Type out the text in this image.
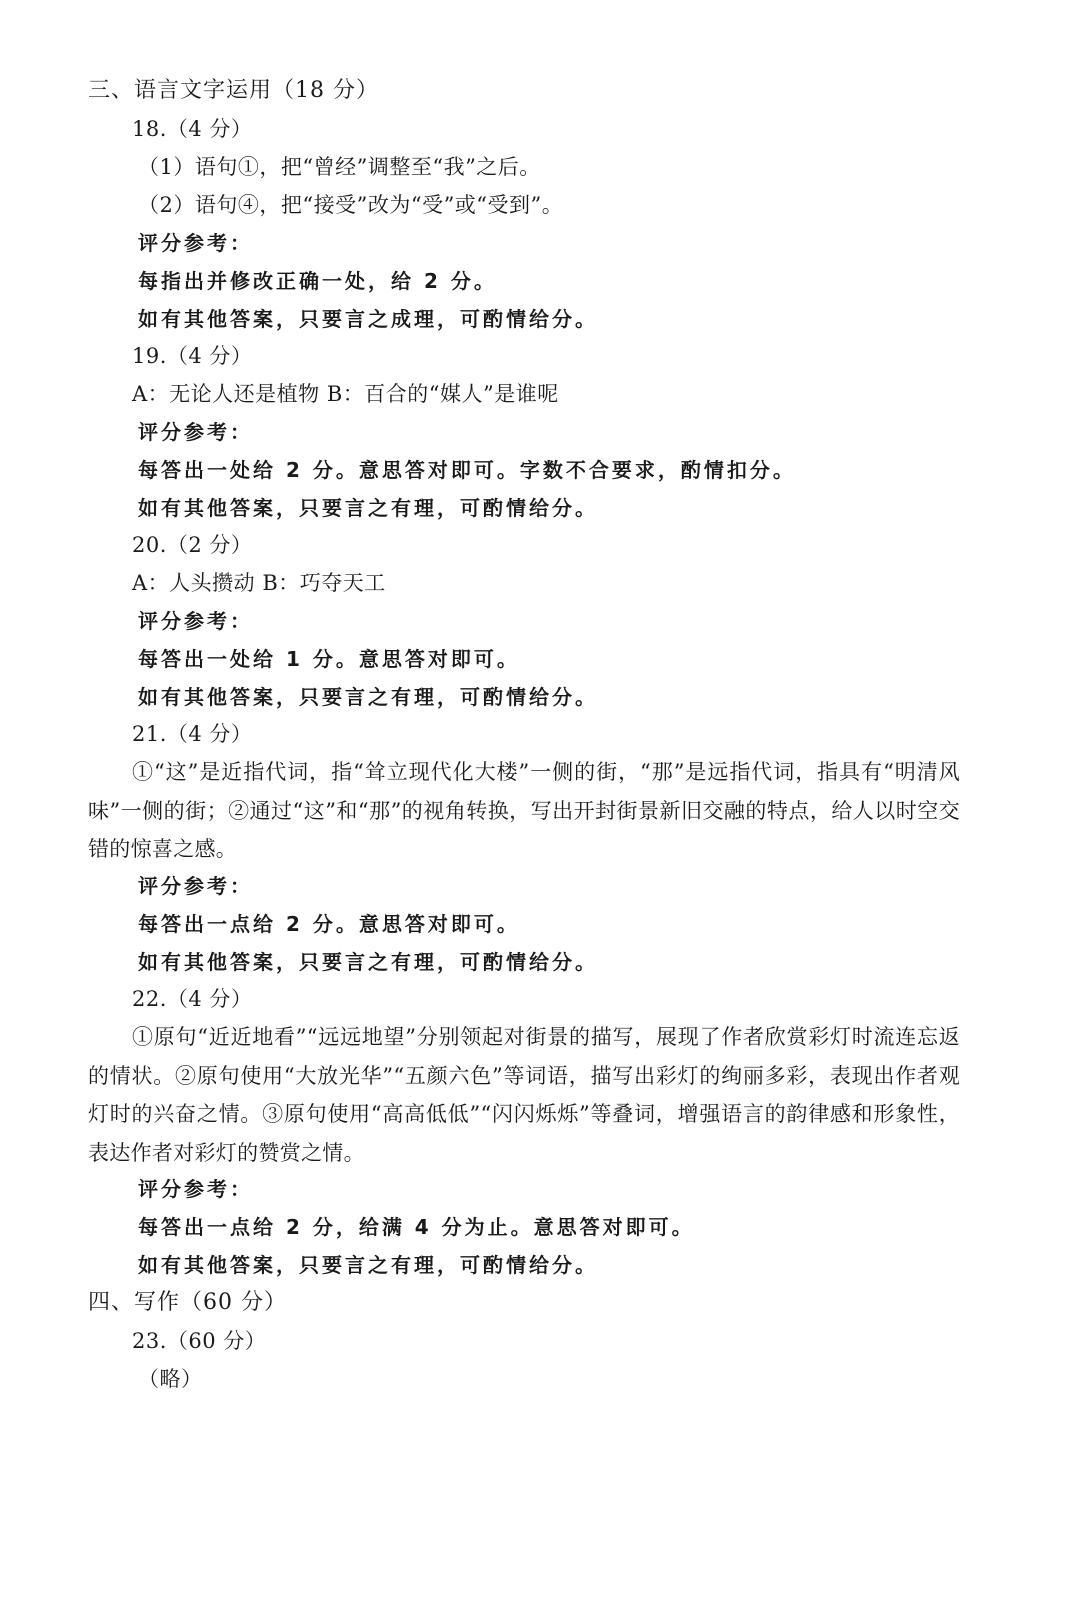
三、语言文字运用（18 分）
18.（4 分）
（1）语句①，把“曾经”调整至“我”之后。
（2）语句④，把“接受”改为“受”或“受到”。
评分参考：
每指出并修改正确一处，给 2 分。
如有其他答案，只要言之成理，可酌情给分。
19.（4 分）
A：无论人还是植物 B：百合的“媒人”是谁呢
评分参考：
每答出一处给 2 分。意思答对即可。字数不合要求，酌情扣分。
如有其他答案，只要言之有理，可酌情给分。
20.（2 分）
A：人头攒动 B：巧夺天工
评分参考：
每答出一处给 1 分。意思答对即可。
如有其他答案，只要言之有理，可酌情给分。
21.（4 分）
①“这”是近指代词，指“耸立现代化大楼”一侧的街，“那”是远指代词，指具有“明清风味”一侧的街；②通过“这”和“那”的视角转换，写出开封街景新旧交融的特点，给人以时空交错的惊喜之感。
评分参考：
每答出一点给 2 分。意思答对即可。
如有其他答案，只要言之有理，可酌情给分。
22.（4 分）
①原句“近近地看”“远远地望”分别领起对街景的描写，展现了作者欣赏彩灯时流连忘返的情状。②原句使用“大放光华”“五颜六色”等词语，描写出彩灯的绚丽多彩，表现出作者观灯时的兴奋之情。③原句使用“高高低低”“闪闪烁烁”等叠词，增强语言的韵律感和形象性，表达作者对彩灯的赞赏之情。
评分参考：
每答出一点给 2 分，给满 4 分为止。意思答对即可。
如有其他答案，只要言之有理，可酌情给分。
四、写作（60 分）
23.（60 分）
（略）
